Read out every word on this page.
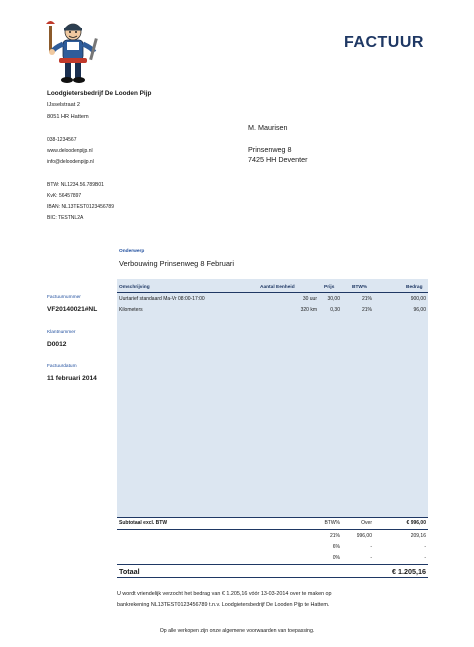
FACTUUR
Loodgietersbedrijf De Looden Pijp
IJsselstraat 2
8051 HR Hattem
038-1234567
www.deloodenpijp.nl
info@deloodenpijp.nl
BTW: NL1234.56.789B01
KvK: 56457897
IBAN: NL13TEST0123456789
BIC: TESTNL2A
M. Maurisen
Prinsenweg 8
7425 HH Deventer
Onderwerp
Verbouwing Prinsenweg 8 Februari
Factuurnummer
VF20140021#NL
Klantnummer
D0012
Factuurdatum
11 februari 2014
Omschrijving	Aantal Eenheid	Prijs	BTW%	Bedrag
Uurtarief standaard Ma-Vr 08:00-17:00	30 uur	30,00	21%	900,00
Kilometers	320 km	0,30	21%	96,00
Subtotaal excl. BTW	BTW%	Over	€ 996,00
21%	996,00	209,16
6%	-	-
0%	-	-
Totaal	€ 1.205,16
U wordt vriendelijk verzocht het bedrag van € 1.205,16 vóór 13-03-2014 over te maken op
bankrekening NL13TEST0123456789 t.n.v. Loodgietersbedrijf De Looden Pijp te Hattem.
Op alle verkopen zijn onze algemene voorwaarden van toepassing.
